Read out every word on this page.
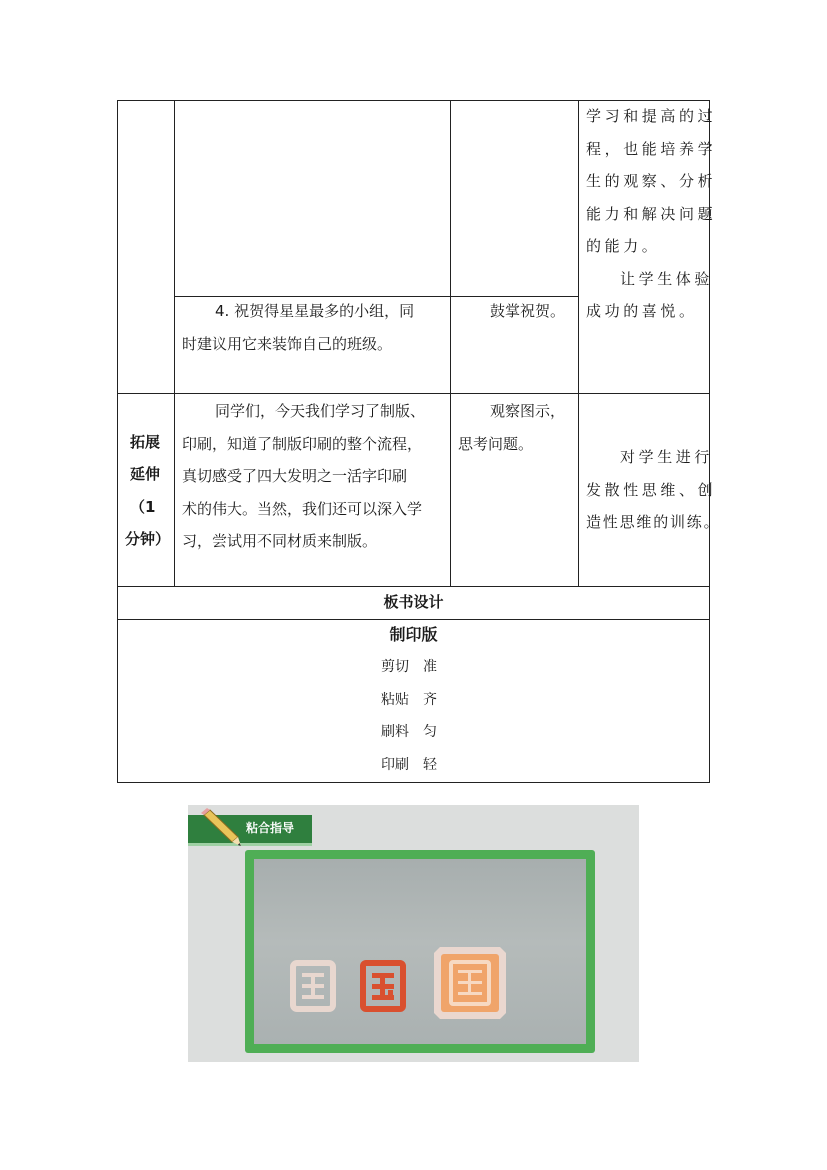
学习和提高的过
程，也能培养学
生的观察、分析
能力和解决问题
的能力。
让学生体验
成功的喜悦。
4. 祝贺得星星最多的小组，同
时建议用它来装饰自己的班级。
鼓掌祝贺。
拓展
延伸
（1
分钟）
同学们，今天我们学习了制版、
印刷，知道了制版印刷的整个流程，
真切感受了四大发明之一活字印刷
术的伟大。当然，我们还可以深入学
习，尝试用不同材质来制版。
观察图示，
思考问题。
对学生进行
发散性思维、创
造性思维的训练。
板书设计
制印版
剪切　准
粘贴　齐
刷料　匀
印刷　轻
粘合指导
